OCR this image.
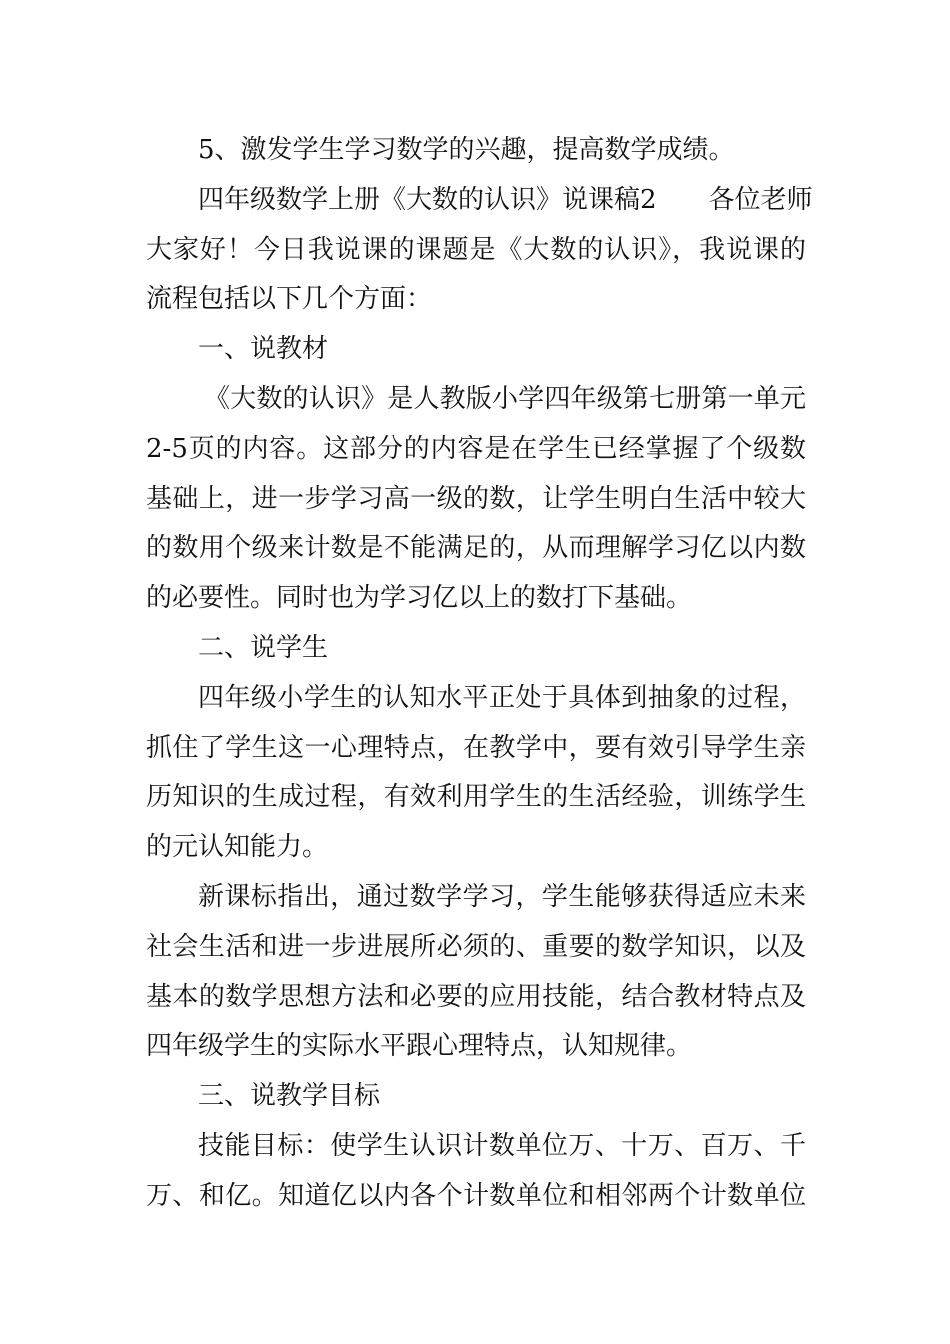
5、激发学生学习数学的兴趣，提高数学成绩。
四年级数学上册《大数的认识》说课稿2 各位老师
大家好！今日我说课的课题是《大数的认识》，我说课的
流程包括以下几个方面：
一、说教材
《大数的认识》是人教版小学四年级第七册第一单元
2-5页的内容。这部分的内容是在学生已经掌握了个级数
基础上，进一步学习高一级的数，让学生明白生活中较大
的数用个级来计数是不能满足的，从而理解学习亿以内数
的必要性。同时也为学习亿以上的数打下基础。
二、说学生
四年级小学生的认知水平正处于具体到抽象的过程，
抓住了学生这一心理特点，在教学中，要有效引导学生亲
历知识的生成过程，有效利用学生的生活经验，训练学生
的元认知能力。
新课标指出，通过数学学习，学生能够获得适应未来
社会生活和进一步进展所必须的、重要的数学知识，以及
基本的数学思想方法和必要的应用技能，结合教材特点及
四年级学生的实际水平跟心理特点，认知规律。
三、说教学目标
技能目标：使学生认识计数单位万、十万、百万、千
万、和亿。知道亿以内各个计数单位和相邻两个计数单位
